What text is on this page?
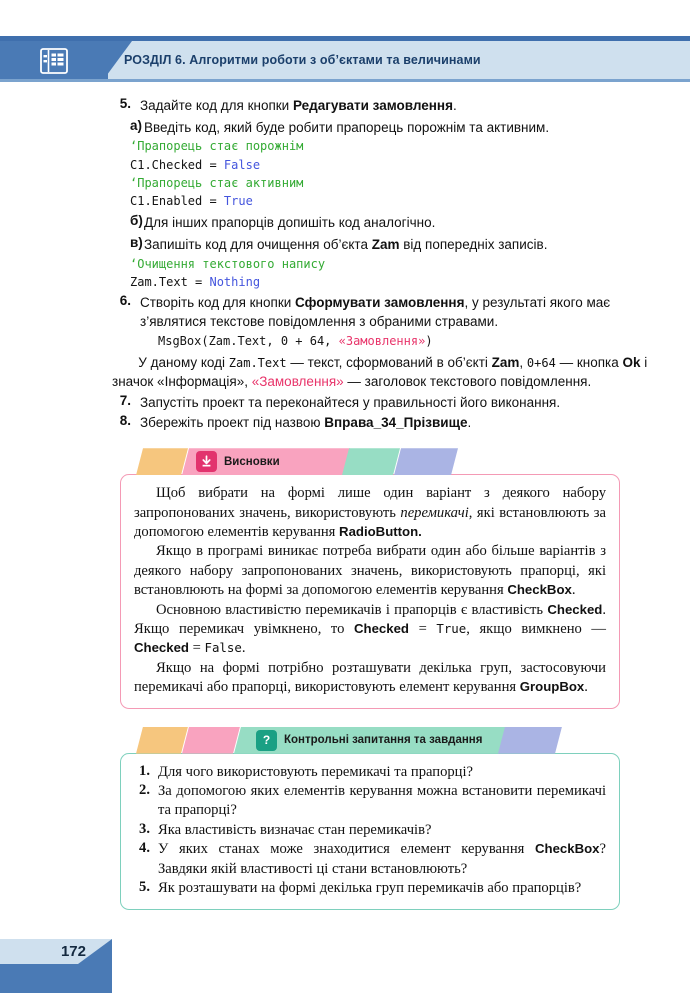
РОЗДІЛ 6. Алгоритми роботи з об’єктами та величинами
5. Задайте код для кнопки Редагувати замовлення.
а) Введіть код, який буде робити прапорець порожнім та активним.
‘Прапорець стає порожнім
C1.Checked = False
‘Прапорець стає активним
C1.Enabled = True
б) Для інших прапорців допишіть код аналогічно.
в) Запишіть код для очищення об’єкта Zam від попередніх записів.
‘Очищення текстового напису
Zam.Text = Nothing
6. Створіть код для кнопки Сформувати замовлення, у результаті якого має з’являтися текстове повідомлення з обраними стравами.
MsgBox(Zam.Text, 0 + 64, «Замовлення»)
У даному коді Zam.Text — текст, сформований в об’єкті Zam, 0+64 — кнопка Ok і значок «Інформація», «Замовлення» — заголовок текстового повідомлення.
7. Запустіть проект та переконайтеся у правильності його виконання.
8. Збережіть проект під назвою Вправа_34_Прізвище.
Висновки

Щоб вибрати на формі лише один варіант з деякого набору запропонованих значень, використовують перемикачі, які встановлюють за допомогою елементів керування RadioButton.

Якщо в програмі виникає потреба вибрати один або більше варіантів з деякого набору запропонованих значень, використовують прапорці, які встановлюють на формі за допомогою елементів керування CheckBox.

Основною властивістю перемикачів і прапорців є властивість Checked. Якщо перемикач увімкнено, то Checked = True, якщо вимкнено — Checked = False.

Якщо на формі потрібно розташувати декілька груп, застосовуючи перемикачі або прапорці, використовують елемент керування GroupBox.

? Контрольні запитання та завдання
1. Для чого використовують перемикачі та прапорці?
2. За допомогою яких елементів керування можна встановити перемикачі та прапорці?
3. Яка властивість визначає стан перемикачів?
4. У яких станах може знаходитися елемент керування CheckBox? Завдяки якій властивості ці стани встановлюють?
5. Як розташувати на формі декілька груп перемикачів або прапорців?
172
